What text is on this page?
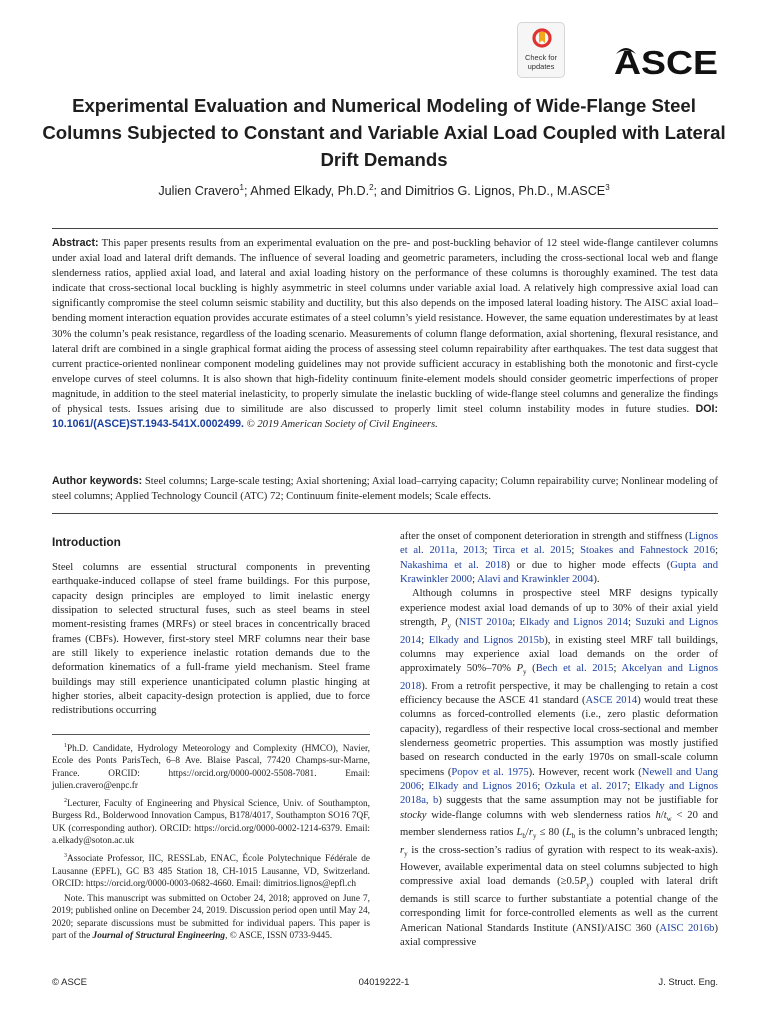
Check for
updates ASCE
Experimental Evaluation and Numerical Modeling of Wide-Flange Steel Columns Subjected to Constant and Variable Axial Load Coupled with Lateral Drift Demands
Julien Cravero$^1$; Ahmed Elkady, Ph.D.$^2$; and Dimitrios G. Lignos, Ph.D., M.ASCE$^3$

Abstract: This paper presents results from an experimental evaluation on the pre- and post-buckling behavior of 12 steel wide-flange cantilever columns under axial load and lateral drift demands. The influence of several loading and geometric parameters, including the cross-sectional local web and flange slenderness ratios, applied axial load, and lateral and axial loading history on the performance of these columns is thoroughly examined. The test data indicate that cross-sectional local buckling is highly asymmetric in steel columns under variable axial load. A relatively high compressive axial load can significantly compromise the steel column seismic stability and ductility, but this also depends on the imposed lateral loading history. The AISC axial load–bending moment interaction equation provides accurate estimates of a steel column’s yield resistance. However, the same equation underestimates by at least 30% the column’s peak resistance, regardless of the loading scenario. Measurements of column flange deformation, axial shortening, flexural resistance, and lateral drift are combined in a single graphical format aiding the process of assessing steel column repairability after earthquakes. The test data suggest that current practice-oriented nonlinear component modeling guidelines may not provide sufficient accuracy in establishing both the monotonic and first-cycle envelope curves of steel columns. It is also shown that high-fidelity continuum finite-element models should consider geometric imperfections of proper magnitude, in addition to the steel material inelasticity, to properly simulate the inelastic buckling of wide-flange steel columns and generalize the findings of physical tests. Issues arising due to similitude are also discussed to properly limit steel column instability modes in future studies. DOI: 10.1061/(ASCE)ST.1943-541X.0002499. © 2019 American Society of Civil Engineers.

Author keywords: Steel columns; Large-scale testing; Axial shortening; Axial load–carrying capacity; Column repairability curve; Nonlinear modeling of steel columns; Applied Technology Council (ATC) 72; Continuum finite-element models; Scale effects.

Introduction

Steel columns are essential structural components in preventing earthquake-induced collapse of steel frame buildings. For this purpose, capacity design principles are employed to limit inelastic energy dissipation to selected structural fuses, such as steel beams in steel moment-resisting frames (MRFs) or steel braces in concentrically braced frames (CBFs). However, first-story steel MRF columns near their base are still likely to experience inelastic rotation demands due to the deformation kinematics of a full-frame yield mechanism. Steel frame buildings may still experience unanticipated column plastic hinging at higher stories, albeit capacity-design protection is applied, due to force redistributions occurring

$^1$Ph.D. Candidate, Hydrology Meteorology and Complexity (HMCO), Navier, Ecole des Ponts ParisTech, 6–8 Ave. Blaise Pascal, 77420 Champs-sur-Marne, France. ORCID: https://orcid.org/0000-0002-5508-7081. Email: julien.cravero@enpc.fr

$^2$Lecturer, Faculty of Engineering and Physical Science, Univ. of Southampton, Burgess Rd., Bolderwood Innovation Campus, B178/4017, Southampton SO16 7QF, UK (corresponding author). ORCID: https://orcid.org/0000-0002-1214-6379. Email: a.elkady@soton.ac.uk

$^3$Associate Professor, IIC, RESSLab, ENAC, École Polytechnique Fédérale de Lausanne (EPFL), GC B3 485 Station 18, CH-1015 Lausanne, VD, Switzerland. ORCID: https://orcid.org/0000-0003-0682-4660. Email: dimitrios.lignos@epfl.ch

Note. This manuscript was submitted on October 24, 2018; approved on June 7, 2019; published online on December 24, 2019. Discussion period open until May 24, 2020; separate discussions must be submitted for individual papers. This paper is part of the Journal of Structural Engineering, © ASCE, ISSN 0733-9445.

after the onset of component deterioration in strength and stiffness (Lignos et al. 2011a, 2013; Tirca et al. 2015; Stoakes and Fahnestock 2016; Nakashima et al. 2018) or due to higher mode effects (Gupta and Krawinkler 2000; Alavi and Krawinkler 2004).

Although columns in prospective steel MRF designs typically experience modest axial load demands of up to 30% of their axial yield strength, $P_y$ (NIST 2010a; Elkady and Lignos 2014; Suzuki and Lignos 2014; Elkady and Lignos 2015b), in existing steel MRF tall buildings, columns may experience axial load demands on the order of approximately 50%–70% $P_y$ (Bech et al. 2015; Akcelyan and Lignos 2018). From a retrofit perspective, it may be challenging to retain a cost efficiency because the ASCE 41 standard (ASCE 2014) would treat these columns as forced-controlled elements (i.e., zero plastic deformation capacity), regardless of their respective local cross-sectional and member slenderness geometric properties. This assumption was mostly justified based on research conducted in the early 1970s on small-scale column specimens (Popov et al. 1975). However, recent work (Newell and Uang 2006; Elkady and Lignos 2016; Ozkula et al. 2017; Elkady and Lignos 2018a, b) suggests that the same assumption may not be justifiable for stocky wide-flange columns with web slenderness ratios $h/t_w < 20$ and member slenderness ratios $L_b/r_y \le 80$ ($L_b$ is the column’s unbraced length; $r_y$ is the cross-section’s radius of gyration with respect to its weak-axis). However, available experimental data on steel columns subjected to high compressive axial load demands $(\ge 0.5P_y)$ coupled with lateral drift demands is still scarce to further substantiate a potential change of the corresponding limit for force-controlled elements as well as the current American National Standards Institute (ANSI)/AISC 360 (AISC 2016b) axial compressive

© ASCE	04019222-1	J. Struct. Eng.
